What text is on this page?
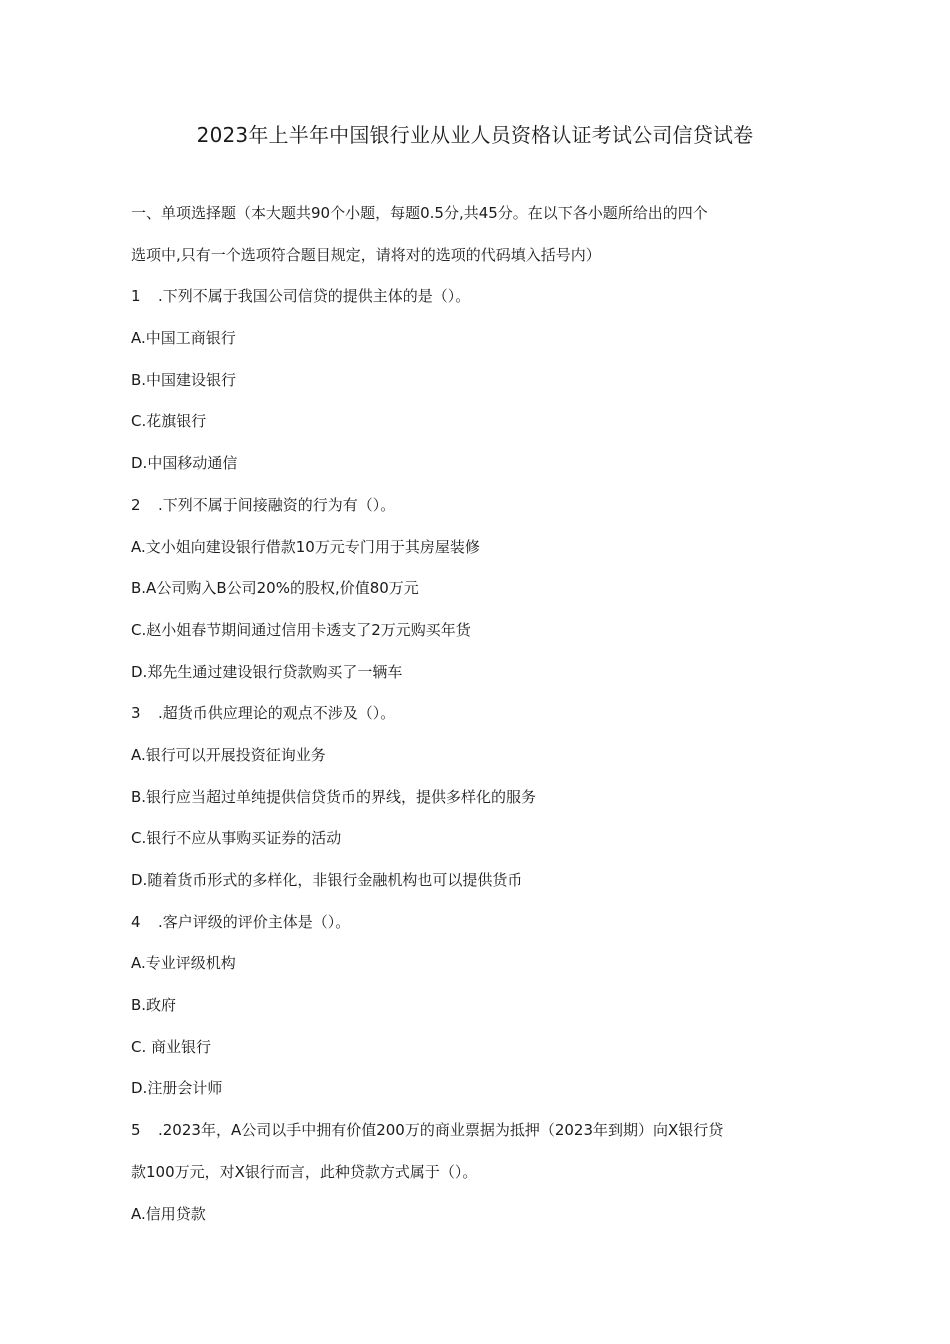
2023年上半年中国银行业从业人员资格认证考试公司信贷试卷
一、单项选择题（本大题共90个小题，每题0.5分,共45分。在以下各小题所给出的四个
选项中,只有一个选项符合题目规定，请将对的选项的代码填入括号内）
1 .下列不属于我国公司信贷的提供主体的是（）。
A.中国工商银行
B.中国建设银行
C.花旗银行
D.中国移动通信
2 .下列不属于间接融资的行为有（）。
A.文小姐向建设银行借款10万元专门用于其房屋装修
B.A公司购入B公司20%的股权,价值80万元
C.赵小姐春节期间通过信用卡透支了2万元购买年货
D.郑先生通过建设银行贷款购买了一辆车
3 .超货币供应理论的观点不涉及（）。
A.银行可以开展投资征询业务
B.银行应当超过单纯提供信贷货币的界线，提供多样化的服务
C.银行不应从事购买证券的活动
D.随着货币形式的多样化，非银行金融机构也可以提供货币
4 .客户评级的评价主体是（）。
A.专业评级机构
B.政府
C. 商业银行
D.注册会计师
5 .2023年，A公司以手中拥有价值200万的商业票据为抵押（2023年到期）向X银行贷
款100万元，对X银行而言，此种贷款方式属于（）。
A.信用贷款
